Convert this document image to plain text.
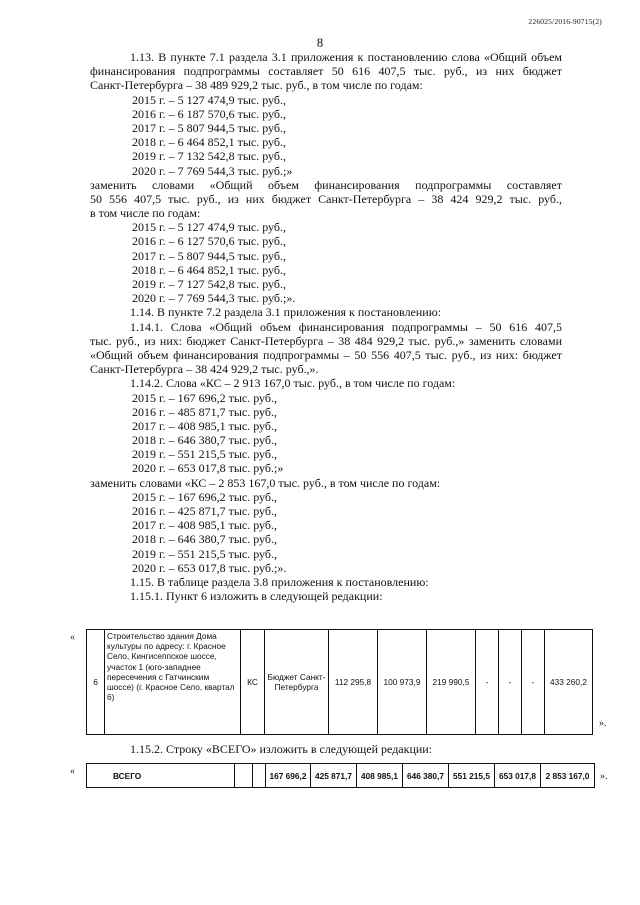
226025/2016-90715(2)
8
1.13. В пункте 7.1 раздела 3.1 приложения к постановлению слова «Общий объем
финансирования подпрограммы составляет 50 616 407,5 тыс. руб., из них бюджет
Санкт-Петербурга – 38 489 929,2 тыс. руб., в том числе по годам:
2015 г. – 5 127 474,9 тыс. руб.,
2016 г. – 6 187 570,6 тыс. руб.,
2017 г. – 5 807 944,5 тыс. руб.,
2018 г. – 6 464 852,1 тыс. руб.,
2019 г. – 7 132 542,8 тыс. руб.,
2020 г. – 7 769 544,3 тыс. руб.;»
заменить словами «Общий объем финансирования подпрограммы составляет
50 556 407,5 тыс. руб., из них бюджет Санкт-Петербурга – 38 424 929,2 тыс. руб.,
в том числе по годам:
2015 г. – 5 127 474,9 тыс. руб.,
2016 г. – 6 127 570,6 тыс. руб.,
2017 г. – 5 807 944,5 тыс. руб.,
2018 г. – 6 464 852,1 тыс. руб.,
2019 г. – 7 127 542,8 тыс. руб.,
2020 г. – 7 769 544,3 тыс. руб.;».
1.14. В пункте 7.2 раздела 3.1 приложения к постановлению:
1.14.1. Слова «Общий объем финансирования подпрограммы – 50 616 407,5
тыс. руб., из них: бюджет Санкт-Петербурга – 38 484 929,2 тыс. руб.,» заменить словами
«Общий объем финансирования подпрограммы – 50 556 407,5 тыс. руб., из них: бюджет
Санкт-Петербурга – 38 424 929,2 тыс. руб.,».
1.14.2. Слова «КС – 2 913 167,0 тыс. руб., в том числе по годам:
2015 г. – 167 696,2 тыс. руб.,
2016 г. – 485 871,7 тыс. руб.,
2017 г. – 408 985,1 тыс. руб.,
2018 г. – 646 380,7 тыс. руб.,
2019 г. – 551 215,5 тыс. руб.,
2020 г. – 653 017,8 тыс. руб.;»
заменить словами «КС – 2 853 167,0 тыс. руб., в том числе по годам:
2015 г. – 167 696,2 тыс. руб.,
2016 г. – 425 871,7 тыс. руб.,
2017 г. – 408 985,1 тыс. руб.,
2018 г. – 646 380,7 тыс. руб.,
2019 г. – 551 215,5 тыс. руб.,
2020 г. – 653 017,8 тыс. руб.;».
1.15. В таблице раздела 3.8 приложения к постановлению:
1.15.1. Пункт 6 изложить в следующей редакции:
«
6	Строительство здания Дома культуры по адресу: г. Красное Село, Кингисеппское шоссе, участок 1 (юго-западнее пересечения с Гатчинским шоссе) (г. Красное Село, квартал 6)	КС	Бюджет Санкт-Петербурга	112 295,8	100 973,9	219 990,5	-	-	-	433 260,2
».
1.15.2. Строку «ВСЕГО» изложить в следующей редакции:
«	ВСЕГО			167 696,2	425 871,7	408 985,1	646 380,7	551 215,5	653 017,8	2 853 167,0 ».
